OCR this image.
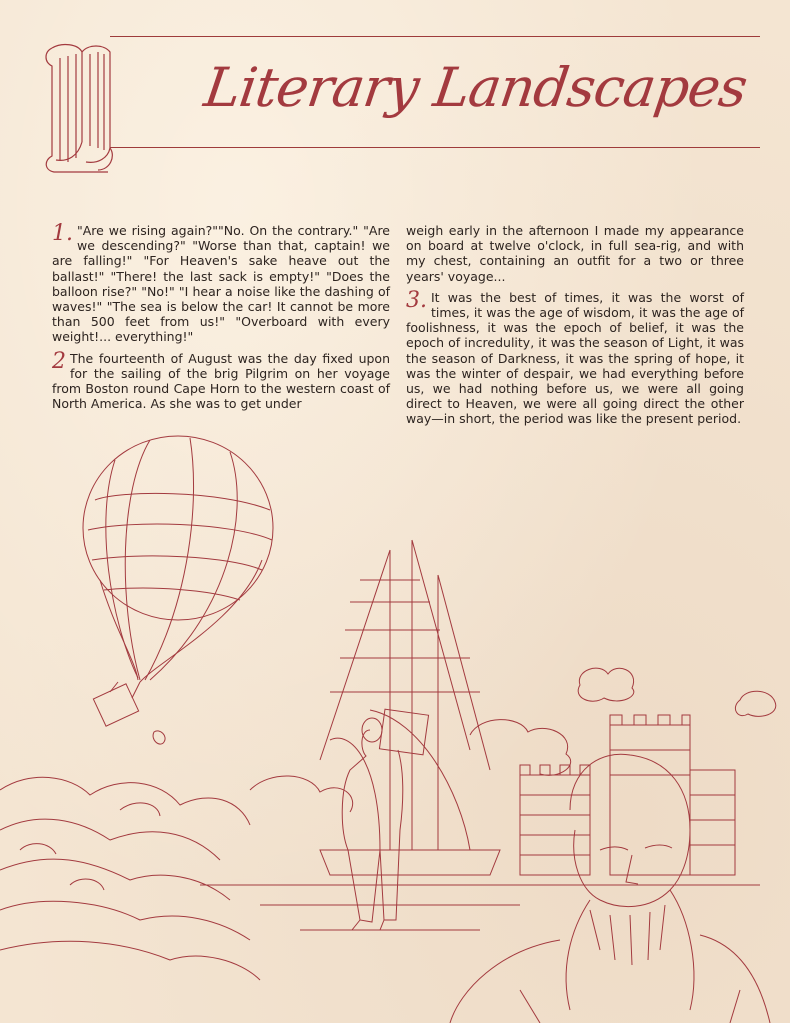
Literary Landscapes

1. "Are we rising again?""No. On the contrary." "Are we descending?" "Worse than that, captain! we are falling!" "For Heaven's sake heave out the ballast!" "There! the last sack is empty!" "Does the balloon rise?" "No!" "I hear a noise like the dashing of waves!" "The sea is below the car! It cannot be more than 500 feet from us!" "Overboard with every weight!... everything!"

2 The fourteenth of August was the day fixed upon for the sailing of the brig Pilgrim on her voyage from Boston round Cape Horn to the western coast of North America. As she was to get under

weigh early in the afternoon I made my appearance on board at twelve o'clock, in full sea-rig, and with my chest, containing an outfit for a two or three years' voyage...

3. It was the best of times, it was the worst of times, it was the age of wisdom, it was the age of foolishness, it was the epoch of belief, it was the epoch of incredulity, it was the season of Light, it was the season of Darkness, it was the spring of hope, it was the winter of despair, we had everything before us, we had nothing before us, we were all going direct to Heaven, we were all going direct the other way—in short, the period was like the present period.
